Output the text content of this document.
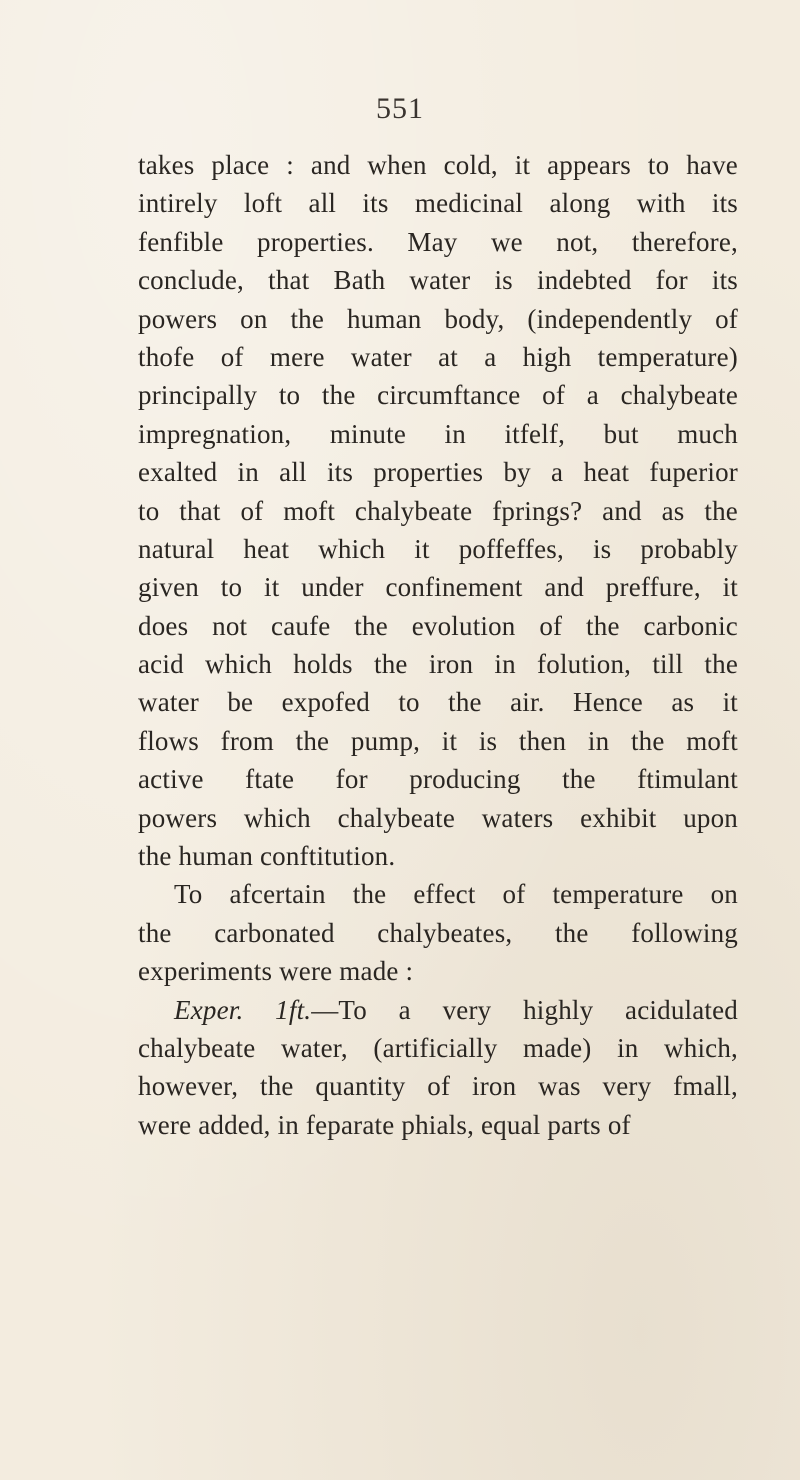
551
takes place : and when cold, it appears to have
intirely loft all its medicinal along with its
fenfible properties. May we not, therefore,
conclude, that Bath water is indebted for its
powers on the human body, (independently of
thofe of mere water at a high temperature)
principally to the circumftance of a chalybeate
impregnation, minute in itfelf, but much
exalted in all its properties by a heat fuperior
to that of moft chalybeate fprings? and as the
natural heat which it poffeffes, is probably
given to it under confinement and preffure, it
does not caufe the evolution of the carbonic
acid which holds the iron in folution, till the
water be expofed to the air. Hence as it
flows from the pump, it is then in the moft
active ftate for producing the ftimulant
powers which chalybeate waters exhibit upon
the human conftitution.
To afcertain the effect of temperature on
the carbonated chalybeates, the following
experiments were made :
Exper. 1ft.—To a very highly acidulated
chalybeate water, (artificially made) in which,
however, the quantity of iron was very fmall,
were added, in feparate phials, equal parts of
